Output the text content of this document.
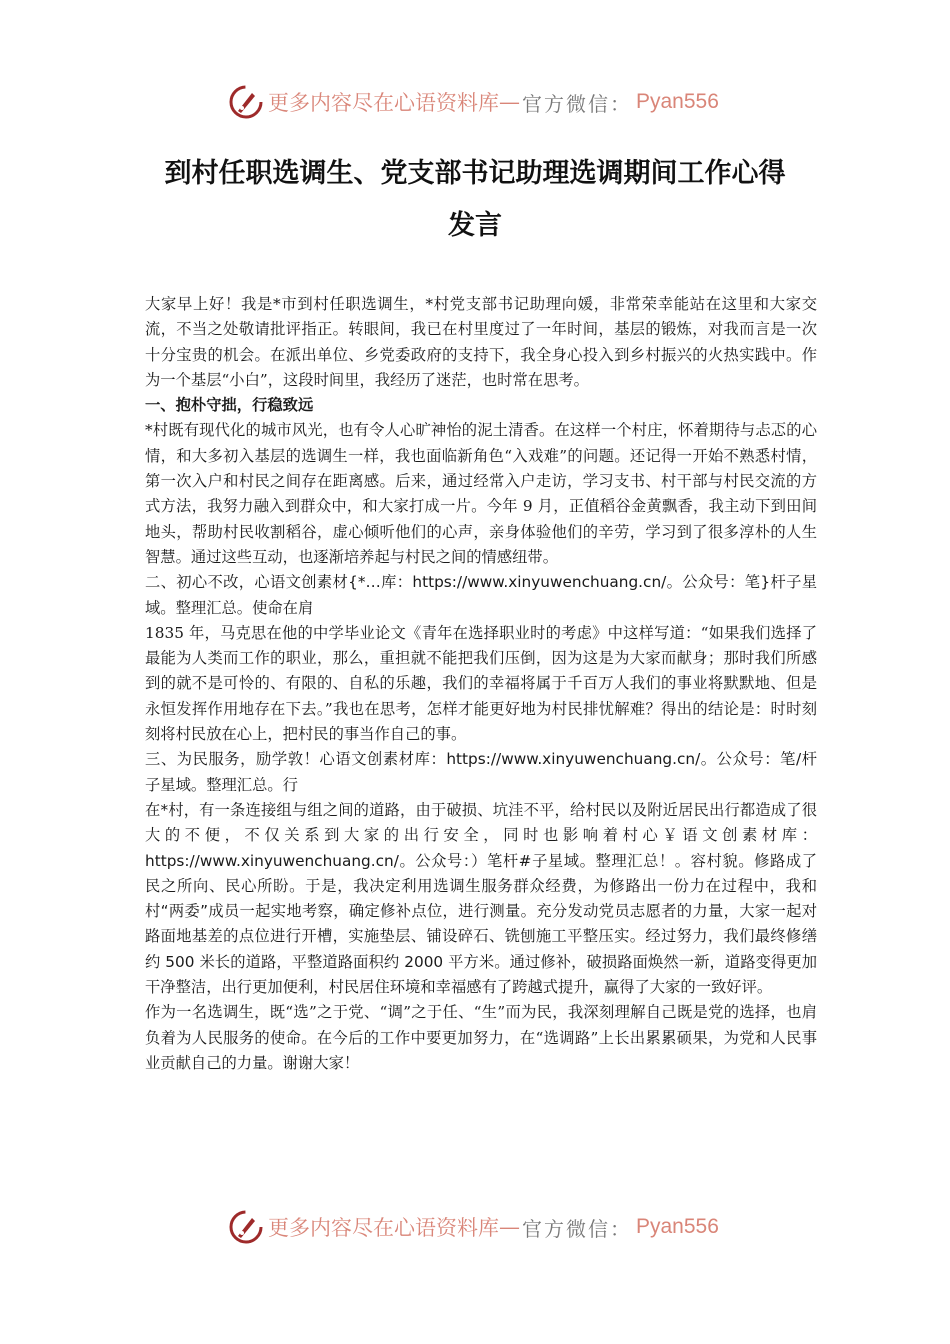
更多内容尽在心语资料库 — 官方微信： Pyan556
到村任职选调生、党支部书记助理选调期间工作心得
发言

大家早上好！我是*市到村任职选调生，*村党支部书记助理向媛，非常荣幸能站在这里和大家交流，不当之处敬请批评指正。转眼间，我已在村里度过了一年时间，基层的锻炼，对我而言是一次十分宝贵的机会。在派出单位、乡党委政府的支持下，我全身心投入到乡村振兴的火热实践中。作为一个基层“小白”，这段时间里，我经历了迷茫，也时常在思考。

一、抱朴守拙，行稳致远

*村既有现代化的城市风光，也有令人心旷神怡的泥土清香。在这样一个村庄，怀着期待与忐忑的心情，和大多初入基层的选调生一样，我也面临新角色“入戏难”的问题。还记得一开始不熟悉村情，第一次入户和村民之间存在距离感。后来，通过经常入户走访，学习支书、村干部与村民交流的方式方法，我努力融入到群众中，和大家打成一片。今年 9 月，正值稻谷金黄飘香，我主动下到田间地头，帮助村民收割稻谷，虚心倾听他们的心声，亲身体验他们的辛劳，学习到了很多淳朴的人生智慧。通过这些互动，也逐渐培养起与村民之间的情感纽带。

二、初心不改，心语文创素材{*…库：https://www.xinyuwenchuang.cn/。公众号：笔}杆子星域。整理汇总。使命在肩

1835 年，马克思在他的中学毕业论文《青年在选择职业时的考虑》中这样写道：“如果我们选择了最能为人类而工作的职业，那么，重担就不能把我们压倒，因为这是为大家而献身；那时我们所感到的就不是可怜的、有限的、自私的乐趣，我们的幸福将属于千百万人我们的事业将默默地、但是永恒发挥作用地存在下去。”我也在思考，怎样才能更好地为村民排忧解难？得出的结论是：时时刻刻将村民放在心上，把村民的事当作自己的事。

三、为民服务，励学敦！心语文创素材库：https://www.xinyuwenchuang.cn/。公众号：笔/杆子星域。整理汇总。行

在*村，有一条连接组与组之间的道路，由于破损、坑洼不平，给村民以及附近居民出行都造成了很大的不便，不仅关系到大家的出行安全，同时也影响着村心￥语文创素材库：https://www.xinyuwenchuang.cn/。公众号：）笔杆#子星域。整理汇总！。容村貌。修路成了民之所向、民心所盼。于是，我决定利用选调生服务群众经费，为修路出一份力在过程中，我和村“两委”成员一起实地考察，确定修补点位，进行测量。充分发动党员志愿者的力量，大家一起对路面地基差的点位进行开槽，实施垫层、铺设碎石、铣刨施工平整压实。经过努力，我们最终修缮约 500 米长的道路，平整道路面积约 2000 平方米。通过修补，破损路面焕然一新，道路变得更加干净整洁，出行更加便利，村民居住环境和幸福感有了跨越式提升，赢得了大家的一致好评。

作为一名选调生，既“选”之于党、“调”之于任、“生”而为民，我深刻理解自己既是党的选择，也肩负着为人民服务的使命。在今后的工作中要更加努力，在“选调路”上长出累累硕果，为党和人民事业贡献自己的力量。谢谢大家！

更多内容尽在心语资料库 — 官方微信： Pyan556
